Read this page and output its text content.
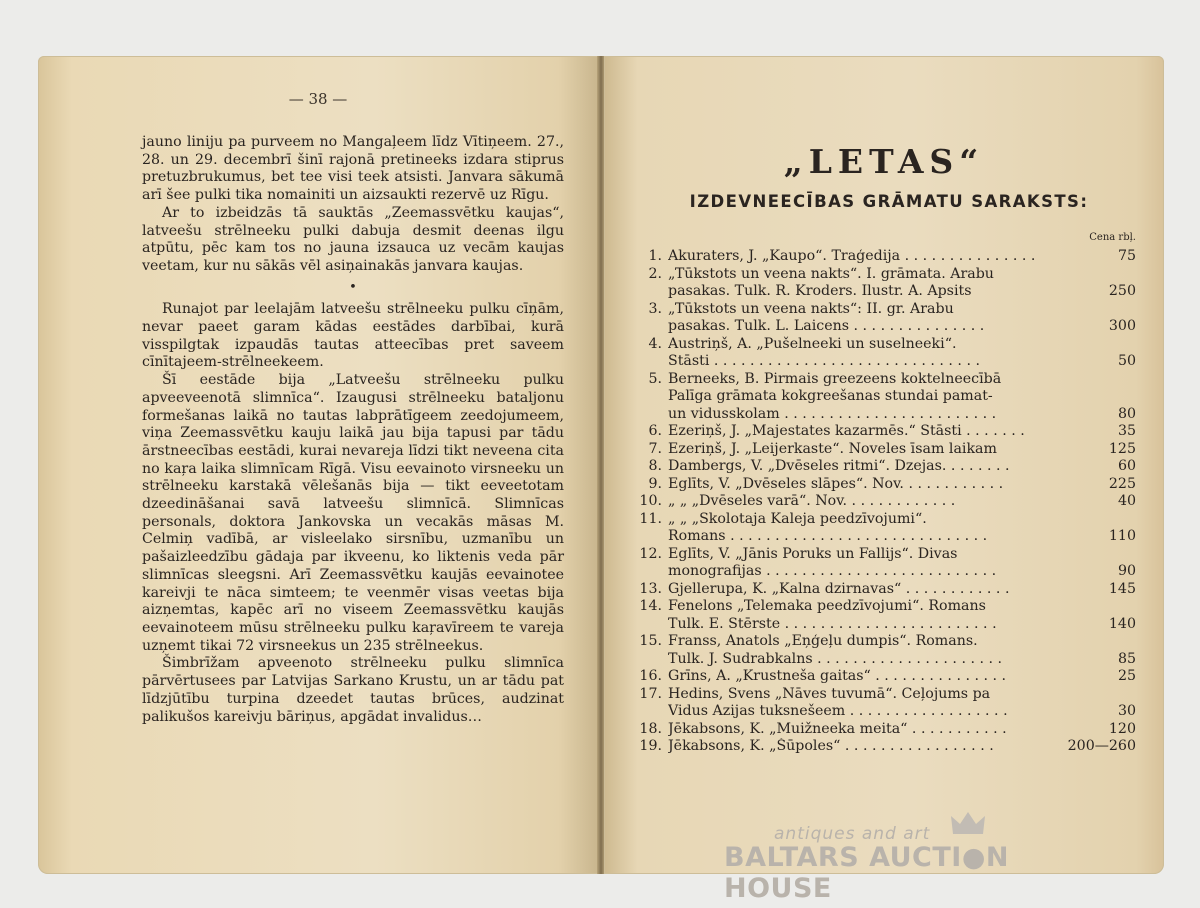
— 38 —

jauno liniju pa purveem no Mangaļeem līdz Vītiņeem. 27., 28. un 29. decembrī šinī rajonā pretineeks izdara stiprus pretuzbrukumus, bet tee visi teek atsisti. Janvara sākumā arī šee pulki tika nomainiti un aizsaukti rezervē uz Rīgu.

Ar to izbeidzās tā sauktās „Zeemassvētku kaujas“, latveešu strēlneeku pulki dabuja desmit deenas ilgu atpūtu, pēc kam tos no jauna izsauca uz vecām kaujas veetam, kur nu sākās vēl asiņainakās janvara kaujas.

•

Runajot par leelajām latveešu strēlneeku pulku cīņām, nevar paeet garam kādas eestādes darbībai, kurā visspilgtak izpaudās tautas atteecības pret saveem cīnītajeem-strēlneekeem.

Šī eestāde bija „Latveešu strēlneeku pulku apveeveenotā slimnīca“. Izaugusi strēlneeku bataljonu formešanas laikā no tautas labprātīgeem zeedojumeem, viņa Zeemassvētku kauju laikā jau bija tapusi par tādu ārstneecības eestādi, kurai nevareja līdzi tikt neveena cita no kaŗa laika slimnīcam Rīgā. Visu eevainoto virsneeku un strēlneeku karstakā vēlešanās bija — tikt eeveetotam dzeedināšanai savā latveešu slimnīcā. Slimnīcas personals, doktora Jankovska un vecakās māsas M. Celmiņ vadībā, ar visleelako sirsnību, uzmanību un pašaizleedzību gādaja par ikveenu, ko liktenis veda pār slimnīcas sleegsni. Arī Zeemassvētku kaujās eevainotee kareivji te nāca simteem; te veenmēr visas veetas bija aizņemtas, kapēc arī no viseem Zeemassvētku kaujās eevainoteem mūsu strēlneeku pulku kaŗavīreem te vareja uzņemt tikai 72 virsneekus un 235 strēlneekus.

Šimbrīžam apveenoto strēlneeku pulku slimnīca pārvērtusees par Latvijas Sarkano Krustu, un ar tādu pat līdzjūtību turpina dzeedet tautas brūces, audzinat palikušos kareivju bāriņus, apgādat invalidus…

„LETAS“
IZDEVNEECĪBAS GRĀMATU SARAKSTS:
Cena rbļ.
1. Akuraters, J. „Kaupo“. Traģedija . . . . . . . . . . . . . . .	75
2. „Tūkstots un veena nakts“. I. grāmata. Arabu
pasakas. Tulk. R. Kroders. Ilustr. A. Apsits	250
3. „Tūkstots un veena nakts“: II. gr. Arabu
pasakas. Tulk. L. Laicens . . . . . . . . . . . . . . .	300
4. Austriņš, A. „Pušelneeki un suselneeki“.
Stāsti . . . . . . . . . . . . . . . . . . . . . . . . . . . . . .	50
5. Berneeks, B. Pirmais greezeens koktelneecībā
Palīga grāmata kokgreešanas stundai pamat-
un vidusskolam . . . . . . . . . . . . . . . . . . . . . . . .	80
6. Ezeriņš, J. „Majestates kazarmēs.“ Stāsti . . . . . . .	35
7. Ezeriņš, J. „Leijerkaste“. Noveles īsam laikam	125
8. Dambergs, V. „Dvēseles ritmi“. Dzejas. . . . . . . .	60
9. Eglīts, V. „Dvēseles slāpes“. Nov. . . . . . . . . . . .	225
10. „ „ „Dvēseles varā“. Nov. . . . . . . . . . . . .	40
11. „ „ „Skolotaja Kaleja peedzīvojumi“.
Romans . . . . . . . . . . . . . . . . . . . . . . . . . . . . .	110
12. Eglīts, V. „Jānis Poruks un Fallijs“. Divas
monografijas . . . . . . . . . . . . . . . . . . . . . . . . . .	90
13. Gjellerupa, K. „Kalna dzirnavas“ . . . . . . . . . . . .	145
14. Fenelons „Telemaka peedzīvojumi“. Romans
Tulk. E. Stērste . . . . . . . . . . . . . . . . . . . . . . . .	140
15. Franss, Anatols „Eņģeļu dumpis“. Romans.
Tulk. J. Sudrabkalns . . . . . . . . . . . . . . . . . . . . .	85
16. Grīns, A. „Krustneša gaitas“ . . . . . . . . . . . . . . .	25
17. Hedins, Svens „Nāves tuvumā“. Ceļojums pa
Vidus Azijas tuksnešeem . . . . . . . . . . . . . . . . . .	30
18. Jēkabsons, K. „Muižneeka meita“ . . . . . . . . . . .	120
19. Jēkabsons, K. „Šūpoles“ . . . . . . . . . . . . . . . . .	200—260
antiques and art
BALTARS AUCTI●N HOUSE
